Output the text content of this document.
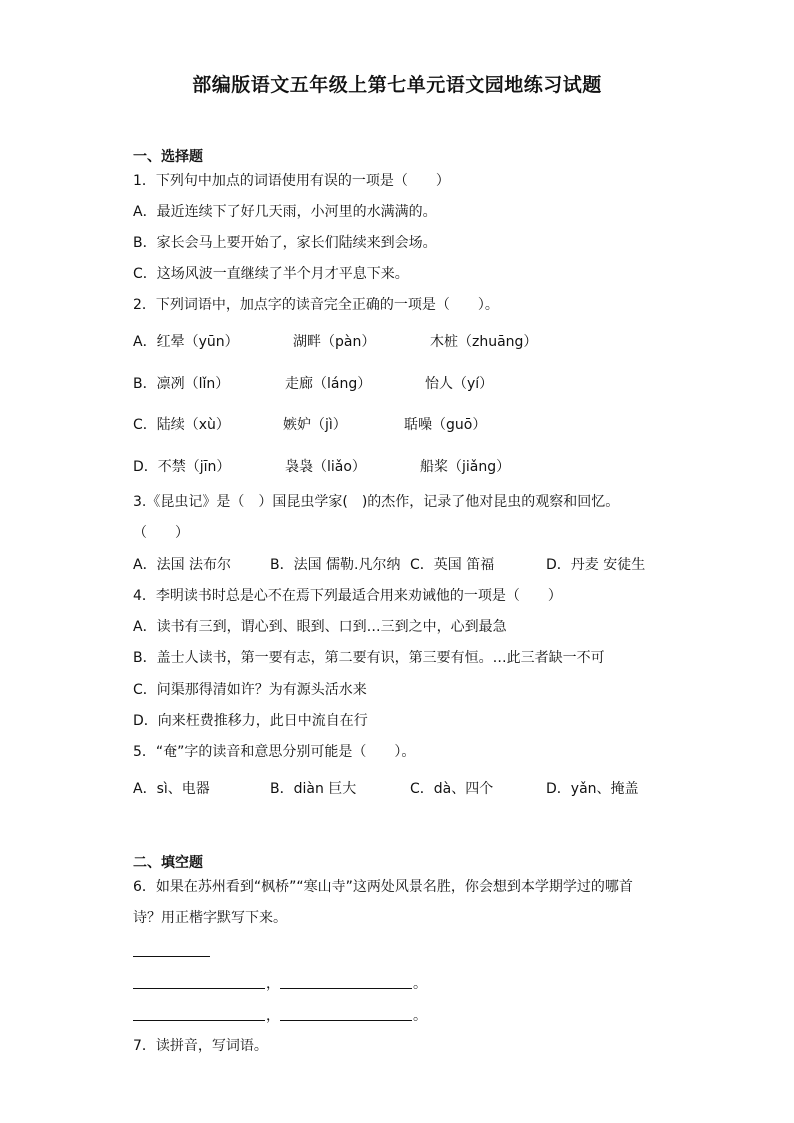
部编版语文五年级上第七单元语文园地练习试题
一、选择题
1．下列句中加点的词语使用有误的一项是（　　）
A．最近连续下了好几天雨，小河里的水满满的。
B．家长会马上要开始了，家长们陆续来到会场。
C．这场风波一直继续了半个月才平息下来。
2．下列词语中，加点字的读音完全正确的一项是（　　）。
A．红晕（yūn）	湖畔（pàn）	木桩（zhuāng）
B．凛冽（lǐn）	走廊（láng）	怡人（yí）
C．陆续（xù）	嫉妒（jì）	聒噪（guō）
D．不禁（jīn）	袅袅（liǎo）	船桨（jiǎng）
3.《昆虫记》是（　）国昆虫学家(　)的杰作，记录了他对昆虫的观察和回忆。
（　　）
A．法国 法布尔	B．法国 儒勒.凡尔纳 C．英国 笛福	D．丹麦 安徒生
4．李明读书时总是心不在焉下列最适合用来劝诫他的一项是（　　）
A．读书有三到，谓心到、眼到、口到…三到之中，心到最急
B．盖士人读书，第一要有志，第二要有识，第三要有恒。…此三者缺一不可
C．问渠那得清如许？为有源头活水来
D．向来枉费推移力，此日中流自在行
5．“奄”字的读音和意思分别可能是（　　）。
A．sì、电器	B．diàn 巨大	C．dà、四个	D．yǎn、掩盖
二、填空题
6．如果在苏州看到“枫桥”“寒山寺”这两处风景名胜，你会想到本学期学过的哪首
诗？用正楷字默写下来。
，	。
，	。
7．读拼音，写词语。
